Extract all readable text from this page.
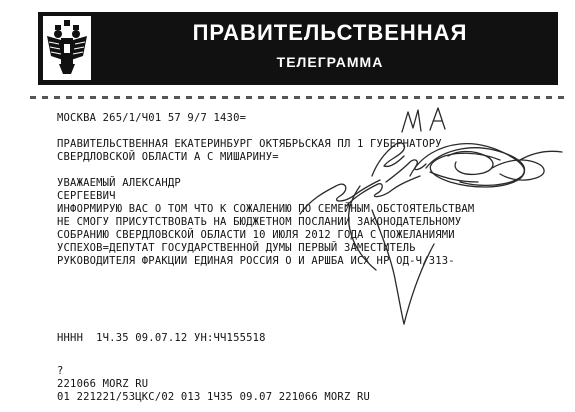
ПРАВИТЕЛЬСТВЕННАЯ
ТЕЛЕГРАММА
МОСКВА 265/1/Ч01 57 9/7 1430=
ПРАВИТЕЛЬСТВЕННАЯ ЕКАТЕРИНБУРГ ОКТЯБРЬСКАЯ ПЛ 1 ГУБЕРНАТОРУ
СВЕРДЛОВСКОЙ ОБЛАСТИ А С МИШАРИНУ=
УВАЖАЕМЫЙ АЛЕКСАНДР
СЕРГЕЕВИЧ
ИНФОРМИРУЮ ВАС О ТОМ ЧТО К СОЖАЛЕНИЮ ПО СЕМЕЙНЫМ ОБСТОЯТЕЛЬСТВАМ
НЕ СМОГУ ПРИСУТСТВОВАТЬ НА БЮДЖЕТНОМ ПОСЛАНИИ ЗАКОНОДАТЕЛЬНОМУ
СОБРАНИЮ СВЕРДЛОВСКОЙ ОБЛАСТИ 10 ИЮЛЯ 2012 ГОДА С ПОЖЕЛАНИЯМИ
УСПЕХОВ=ДЕПУТАТ ГОСУДАРСТВЕННОЙ ДУМЫ ПЕРВЫЙ ЗАМЕСТИТЕЛЬ
РУКОВОДИТЕЛЯ ФРАКЦИИ ЕДИНАЯ РОССИЯ О И АРШБА ИСХ НР ОД-Ч/313-
НННН  1Ч.35 09.07.12 УН:ЧЧ155518
?
221066 MORZ RU
01 221221/53ЦКС/02 013 1Ч35 09.07 221066 MORZ RU
